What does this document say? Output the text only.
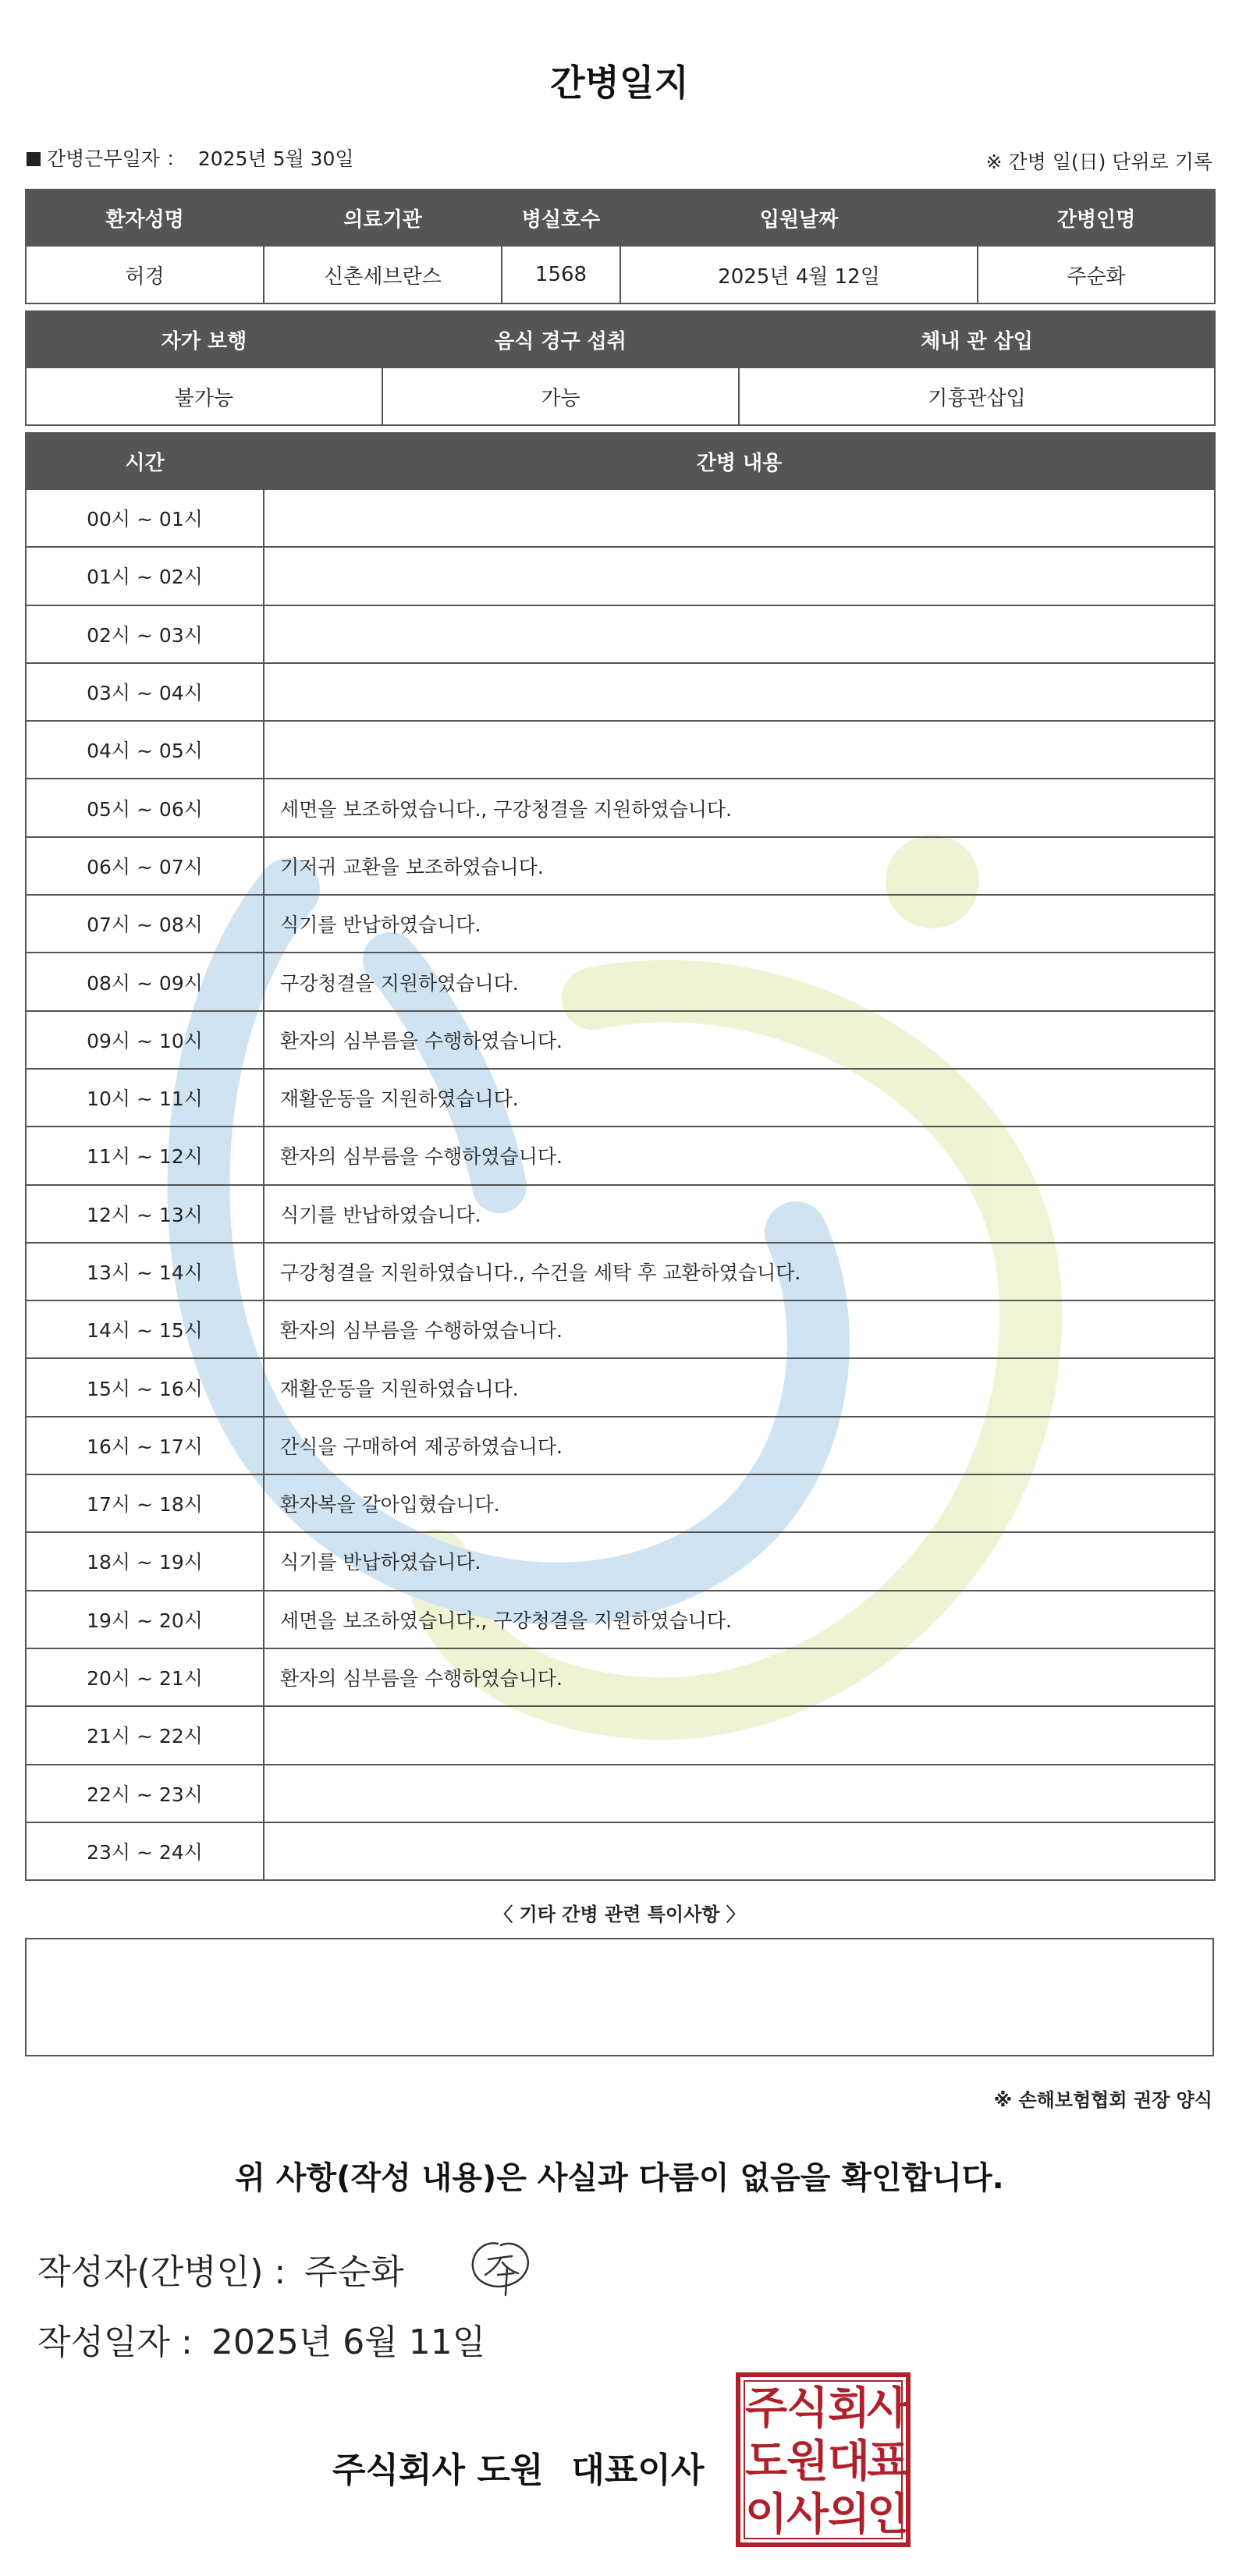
간병일지
간병근무일자 ： 2025년 5월 30일	※ 간병 일(日) 단위로 기록
환자성명	의료기관	병실호수	입원날짜	간병인명
허경	신촌세브란스	1568	2025년 4월 12일	주순화
자가 보행	음식 경구 섭취	체내 관 삽입
불가능	가능	기흉관삽입
시간	간병 내용
00시 ~ 01시	
01시 ~ 02시	
02시 ~ 03시	
03시 ~ 04시	
04시 ~ 05시	
05시 ~ 06시	세면을 보조하였습니다., 구강청결을 지원하였습니다.
06시 ~ 07시	기저귀 교환을 보조하였습니다.
07시 ~ 08시	식기를 반납하였습니다.
08시 ~ 09시	구강청결을 지원하였습니다.
09시 ~ 10시	환자의 심부름을 수행하였습니다.
10시 ~ 11시	재활운동을 지원하였습니다.
11시 ~ 12시	환자의 심부름을 수행하였습니다.
12시 ~ 13시	식기를 반납하였습니다.
13시 ~ 14시	구강청결을 지원하였습니다., 수건을 세탁 후 교환하였습니다.
14시 ~ 15시	환자의 심부름을 수행하였습니다.
15시 ~ 16시	재활운동을 지원하였습니다.
16시 ~ 17시	간식을 구매하여 제공하였습니다.
17시 ~ 18시	환자복을 갈아입혔습니다.
18시 ~ 19시	식기를 반납하였습니다.
19시 ~ 20시	세면을 보조하였습니다., 구강청결을 지원하였습니다.
20시 ~ 21시	환자의 심부름을 수행하였습니다.
21시 ~ 22시	
22시 ~ 23시	
23시 ~ 24시	
〈 기타 간병 관련 특이사항 〉
※ 손해보험협회 권장 양식
위 사항(작성 내용)은 사실과 다름이 없음을 확인합니다.
작성자(간병인) : 주순화
작성일자 : 2025년 6월 11일
주식회사 도원 대표이사
주
식
회
사
도
원
대
표
이
사
의
인
